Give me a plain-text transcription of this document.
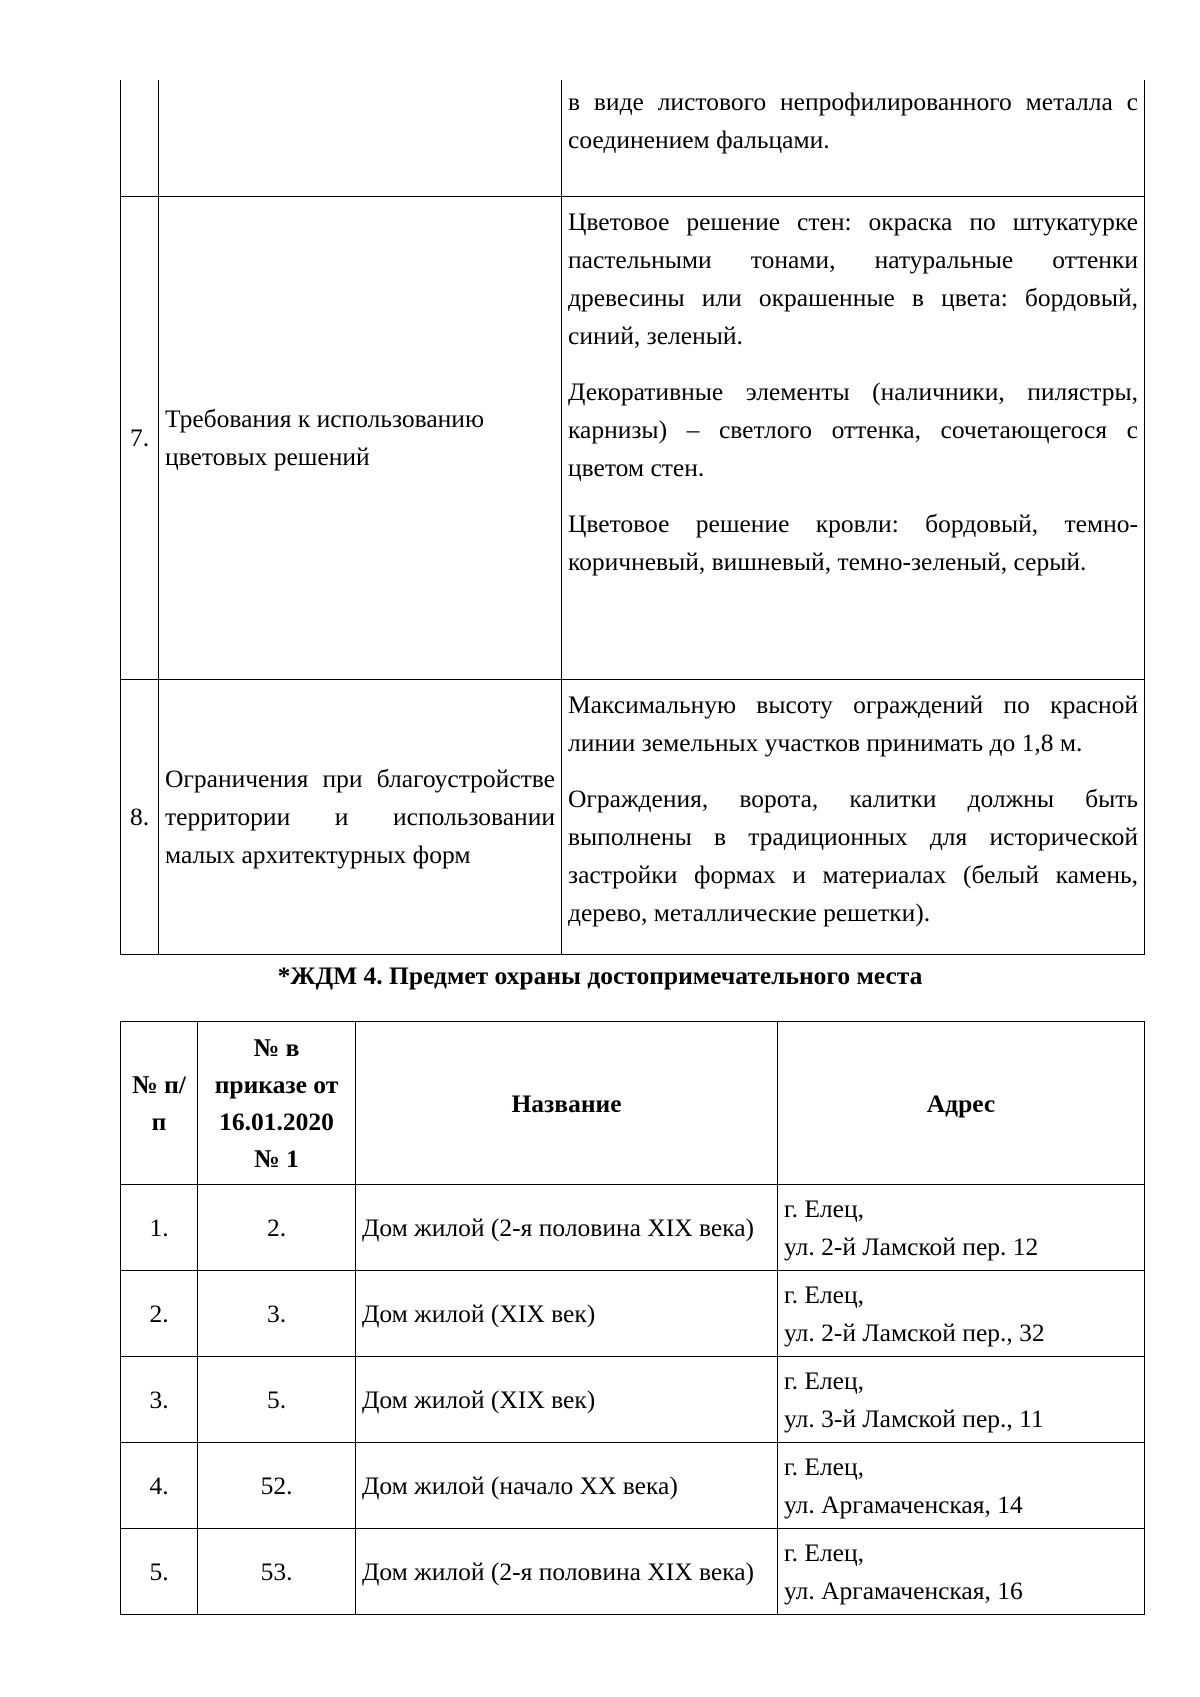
		в виде листового непрофилированного металла с соединением фальцами.

7.	Требования к использованию цветовых решений	Цветовое решение стен: окраска по штукатурке пастельными тонами, натуральные оттенки древесины или окрашенные в цвета: бордовый, синий, зеленый.

Декоративные элементы (наличники, пилястры, карнизы) – светлого оттенка, сочетающегося с цветом стен.

Цветовое решение кровли: бордовый, темно-коричневый, вишневый, темно-зеленый, серый.

8.	Ограничения при благоустройстве территории и использовании малых архитектурных форм	Максимальную высоту ограждений по красной линии земельных участков принимать до 1,8 м.

Ограждения, ворота, калитки должны быть выполнены в традиционных для исторической застройки формах и материалах (белый камень, дерево, металлические решетки).

*ЖДМ 4. Предмет охраны достопримечательного места
№ п/п	№ в приказе от 16.01.2020 № 1	Название	Адрес
1.	2.	Дом жилой (2-я половина XIX века)	г. Елец,
ул. 2-й Ламской пер. 12

2.	3.	Дом жилой (XIX век)	г. Елец,
ул. 2-й Ламской пер., 32

3.	5.	Дом жилой (XIX век)	г. Елец,
ул. 3-й Ламской пер., 11

4.	52.	Дом жилой (начало XX века)	г. Елец,
ул. Аргамаченская, 14

5.	53.	Дом жилой (2-я половина XIX века)	г. Елец,
ул. Аргамаченская, 16
